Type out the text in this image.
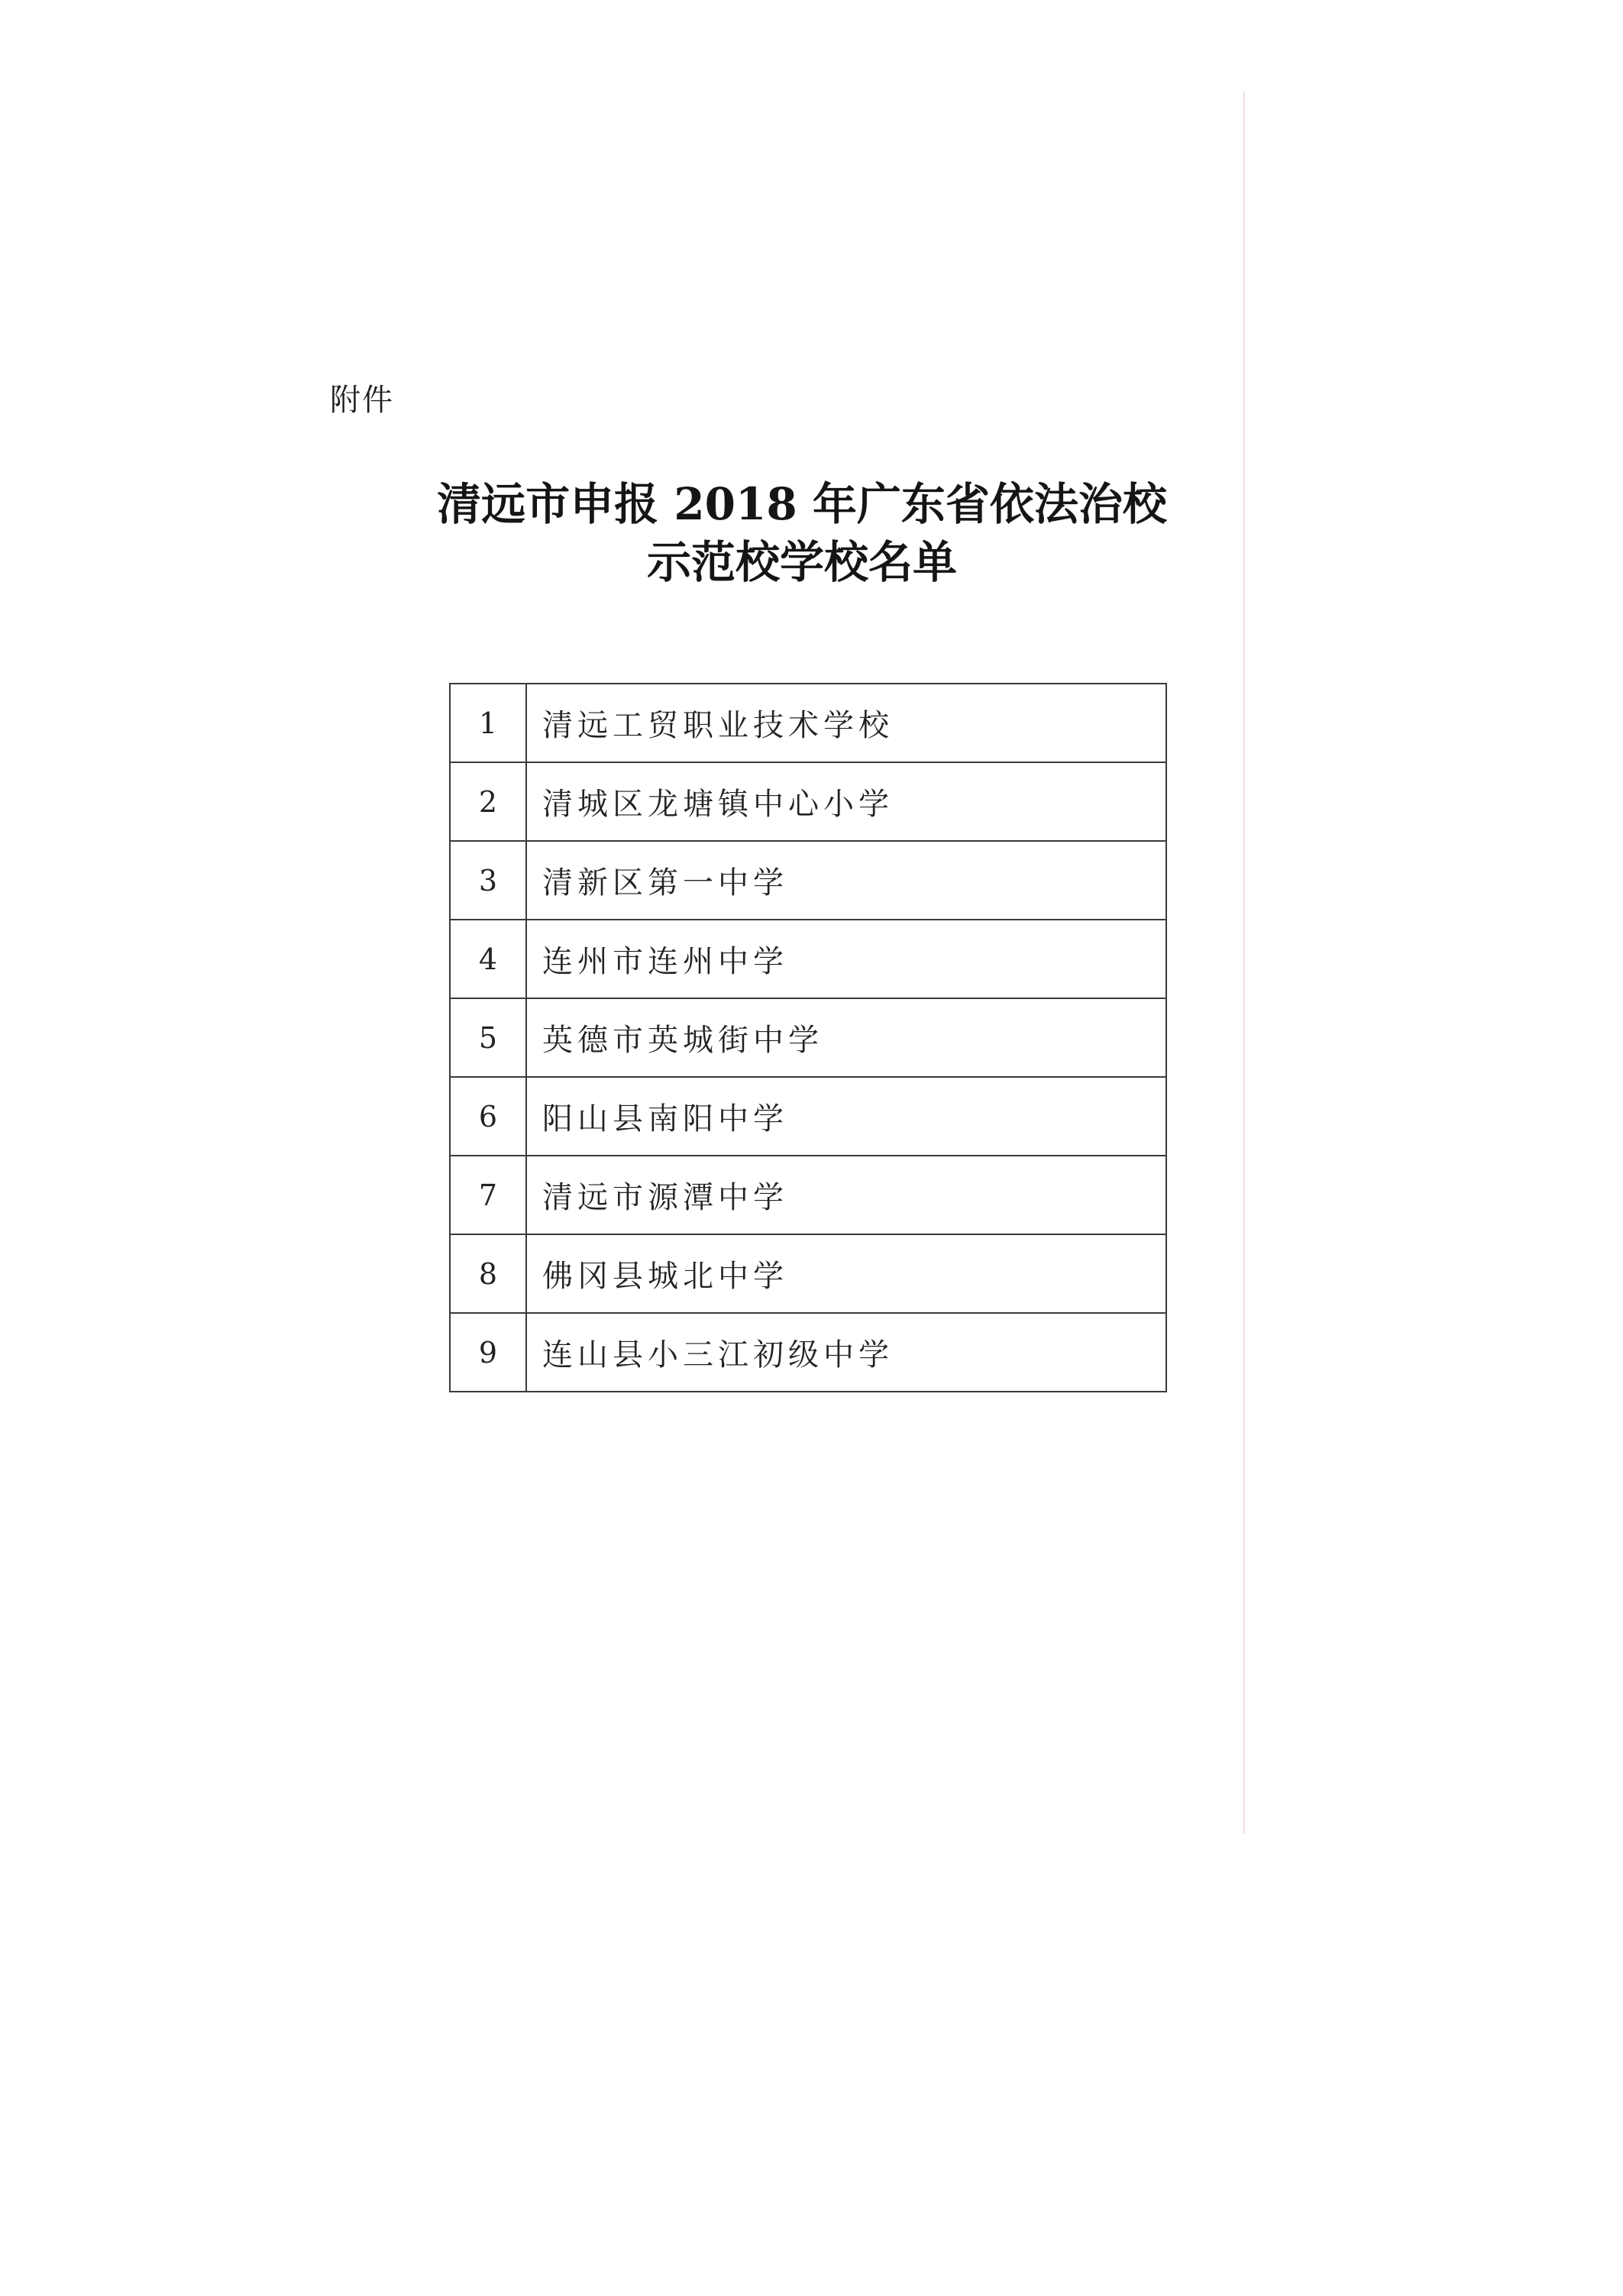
附件
清远市申报 2018 年广东省依法治校
示范校学校名单
1	清远工贸职业技术学校
2	清城区龙塘镇中心小学
3	清新区第一中学
4	连州市连州中学
5	英德市英城街中学
6	阳山县南阳中学
7	清远市源潭中学
8	佛冈县城北中学
9	连山县小三江初级中学
